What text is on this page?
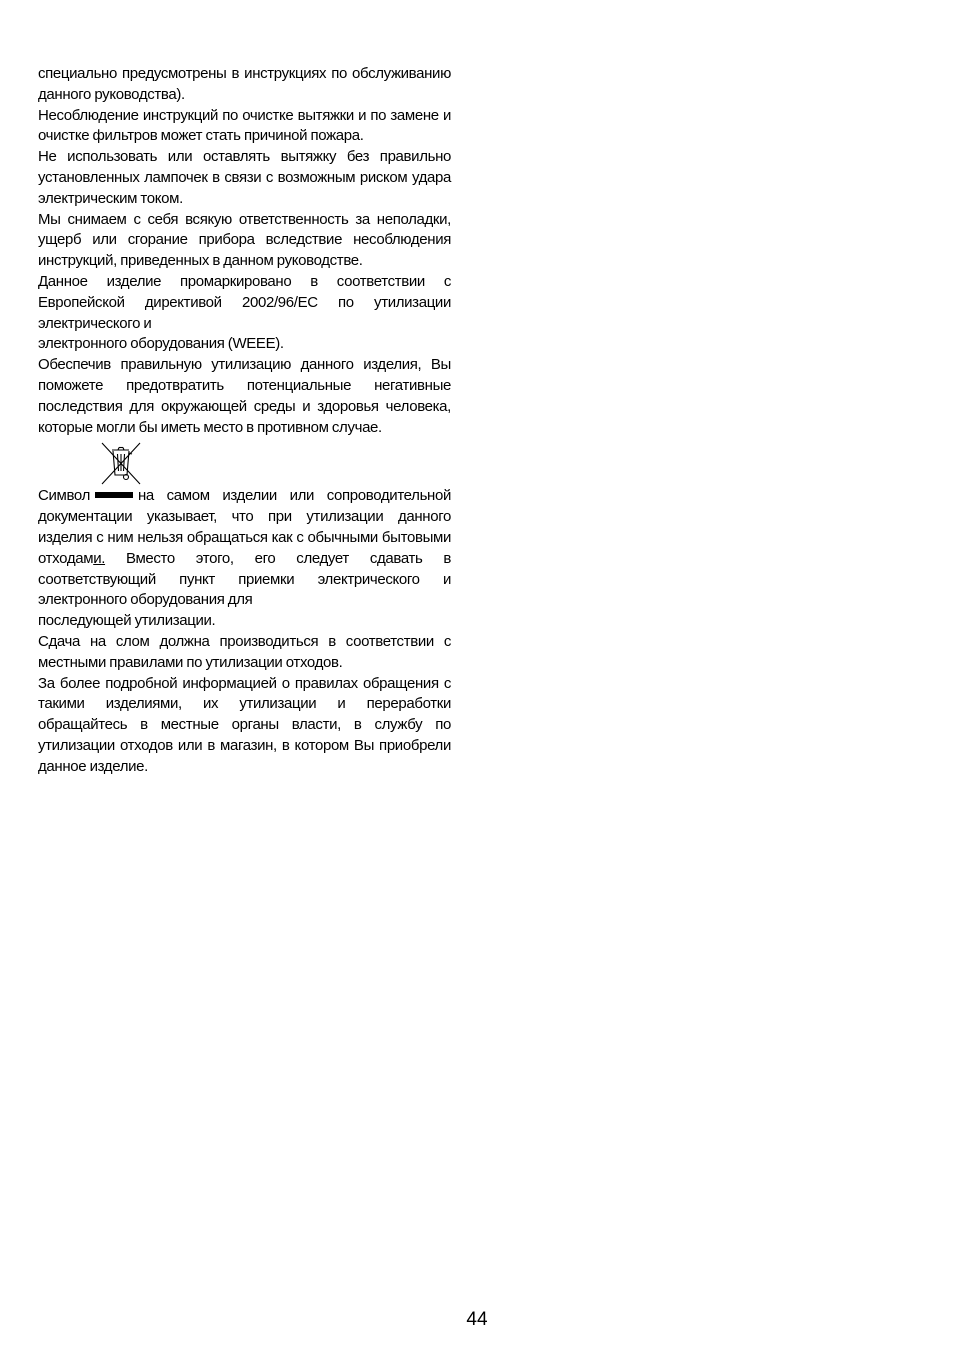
специально предусмотрены в инструкциях по обслуживанию данного руководства).

Несоблюдение инструкций по очистке вытяжки и по замене и очистке фильтров может стать причиной пожара.

Не использовать или оставлять вытяжку без правильно установленных лампочек в связи с возможным риском удара электрическим током.

Мы снимаем с себя всякую ответственность за неполадки, ущерб или сгорание прибора вследствие несоблюдения инструкций, приведенных в данном руководстве.

Данное изделие промаркировано в соответствии с Европейской директивой 2002/96/EC по утилизации электрического и

электронного оборудования (WEEE).

Обеспечив правильную утилизацию данного изделия, Вы поможете предотвратить потенциальные негативные последствия для окружающей среды и здоровья человека, которые могли бы иметь место в противном случае.

Символ	на самом изделии или сопроводительной документации указывает, что при утилизации данного изделия с ним нельзя обращаться как с обычными бытовыми отходами. Вместо этого, его следует сдавать в соответствующий пункт приемки электрического и электронного оборудования для

последующей утилизации.

Сдача на слом должна производиться в соответствии с местными правилами по утилизации отходов.

За более подробной информацией о правилах обращения с такими изделиями, их утилизации и переработки обращайтесь в местные органы власти, в службу по утилизации отходов или в магазин, в котором Вы приобрели данное изделие.

44
